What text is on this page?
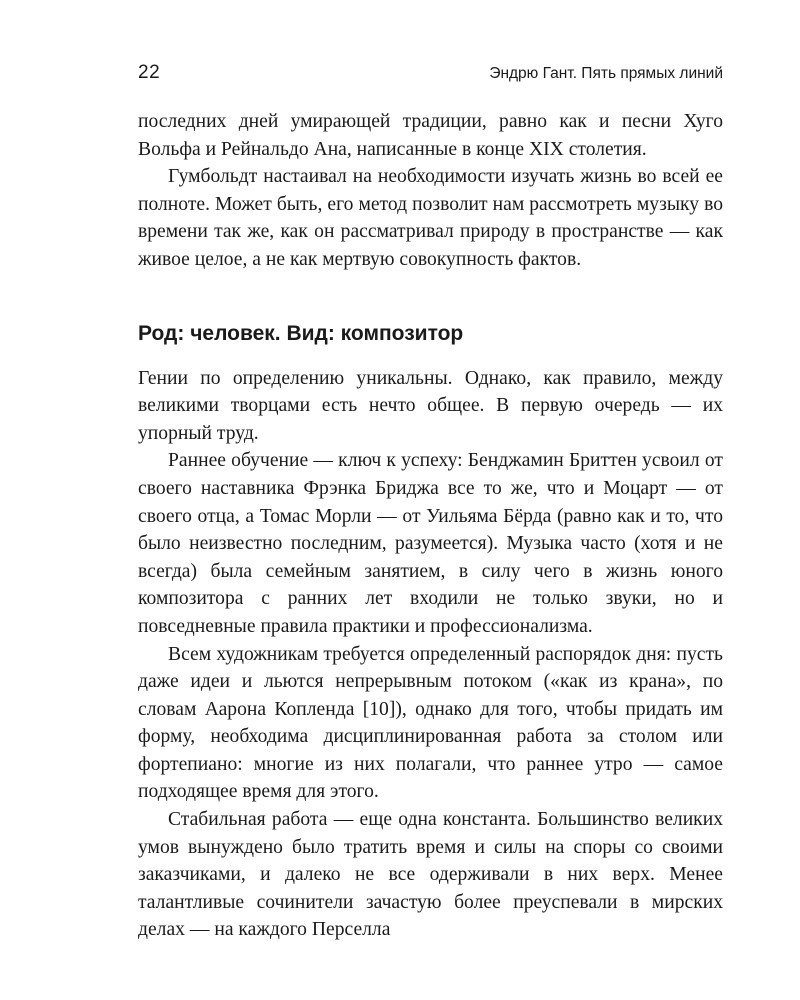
22	Эндрю Гант. Пять прямых линий

последних дней умирающей традиции, равно как и песни Хуго Вольфа и Рейнальдо Ана, написанные в конце XIX столетия.

Гумбольдт настаивал на необходимости изучать жизнь во всей ее полноте. Может быть, его метод позволит нам рассмотреть музыку во времени так же, как он рассматривал природу в пространстве — как живое целое, а не как мертвую совокупность фактов.

Род: человек. Вид: композитор

Гении по определению уникальны. Однако, как правило, между великими творцами есть нечто общее. В первую очередь — их упорный труд.

Раннее обучение — ключ к успеху: Бенджамин Бриттен усвоил от своего наставника Фрэнка Бриджа все то же, что и Моцарт — от своего отца, а Томас Морли — от Уильяма Бёрда (равно как и то, что было неизвестно последним, разумеется). Музыка часто (хотя и не всегда) была семейным занятием, в силу чего в жизнь юного композитора с ранних лет входили не только звуки, но и повседневные правила практики и профессионализма.

Всем художникам требуется определенный распорядок дня: пусть даже идеи и льются непрерывным потоком («как из крана», по словам Аарона Копленда [10]), однако для того, чтобы придать им форму, необходима дисциплинированная работа за столом или фортепиано: многие из них полагали, что раннее утро — самое подходящее время для этого.

Стабильная работа — еще одна константа. Большинство великих умов вынуждено было тратить время и силы на споры со своими заказчиками, и далеко не все одерживали в них верх. Менее талантливые сочинители зачастую более преуспевали в мирских делах — на каждого Перселла
